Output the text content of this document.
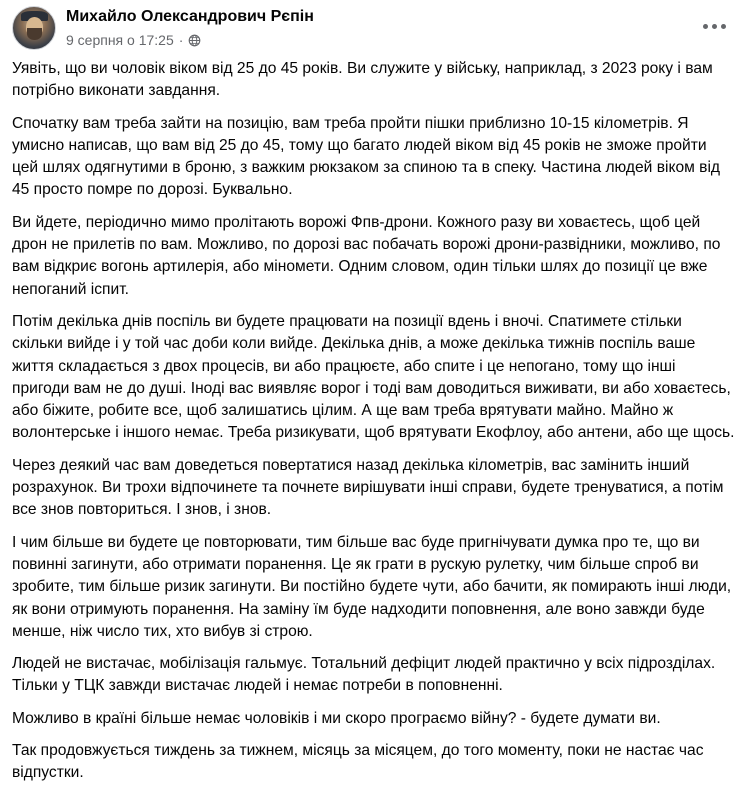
Михайло Олександрович Рєпін
9 серпня о 17:25 ·

Уявіть, що ви чоловік віком від 25 до 45 років. Ви служите у війську, наприклад, з 2023 року і вам потрібно виконати завдання.

Спочатку вам треба зайти на позицію, вам треба пройти пішки приблизно 10-15 кілометрів. Я умисно написав, що вам від 25 до 45, тому що багато людей віком від 45 років не зможе пройти цей шлях одягнутими в броню, з важким рюкзаком за спиною та в спеку. Частина людей віком від 45 просто помре по дорозі. Буквально.

Ви йдете, періодично мимо пролітають ворожі Фпв-дрони. Кожного разу ви ховаєтесь, щоб цей дрон не прилетів по вам. Можливо, по дорозі вас побачать ворожі дрони-развідники, можливо, по вам відкриє вогонь артилерія, або міномети. Одним словом, один тільки шлях до позиції це вже непоганий іспит.

Потім декілька днів поспіль ви будете працювати на позиції вдень і вночі. Спатимете стільки скільки вийде і у той час доби коли вийде. Декілька днів, а може декілька тижнів поспіль ваше життя складається з двох процесів, ви або працюєте, або спите і це непогано, тому що інші пригоди вам не до душі. Іноді вас виявляє ворог і тоді вам доводиться виживати, ви або ховаєтесь, або біжите, робите все, щоб залишатись цілим. А ще вам треба врятувати майно. Майно ж волонтерське і іншого немає. Треба ризикувати, щоб врятувати Екофлоу, або антени, або ще щось.

Через деякий час вам доведеться повертатися назад декілька кілометрів, вас замінить інший розрахунок. Ви трохи відпочинете та почнете вирішувати інші справи, будете тренуватися, а потім все знов повториться. І знов, і знов.

І чим більше ви будете це повторювати, тим більше вас буде пригнічувати думка про те, що ви повинні загинути, або отримати поранення. Це як грати в рускую рулетку, чим більше спроб ви зробите, тим більше ризик загинути. Ви постійно будете чути, або бачити, як помирають інші люди, як вони отримують поранення. На заміну їм буде надходити поповнення, але воно завжди буде менше, ніж число тих, хто вибув зі строю.

Людей не вистачає, мобілізація гальмує. Тотальний дефіцит людей практично у всіх підрозділах. Тільки у ТЦК завжди вистачає людей і немає потреби в поповненні.

Можливо в країні більше немає чоловіків і ми скоро програємо війну? - будете думати ви.

Так продовжується тиждень за тижнем, місяць за місяцем, до того моменту, поки не настає час відпустки.
